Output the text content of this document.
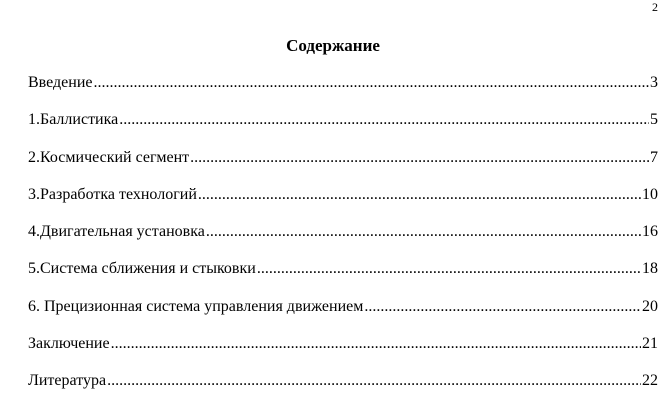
2
Содержание
Введение .....	3
1.Баллистика .....	5
2.Космический сегмент .....	7
3.Разработка технологий .....	10
4.Двигательная установка .....	16
5.Система сближения и стыковки .....	18
6. Прецизионная система управления движением .....	20
Заключение .....	21
Литература .....	22
